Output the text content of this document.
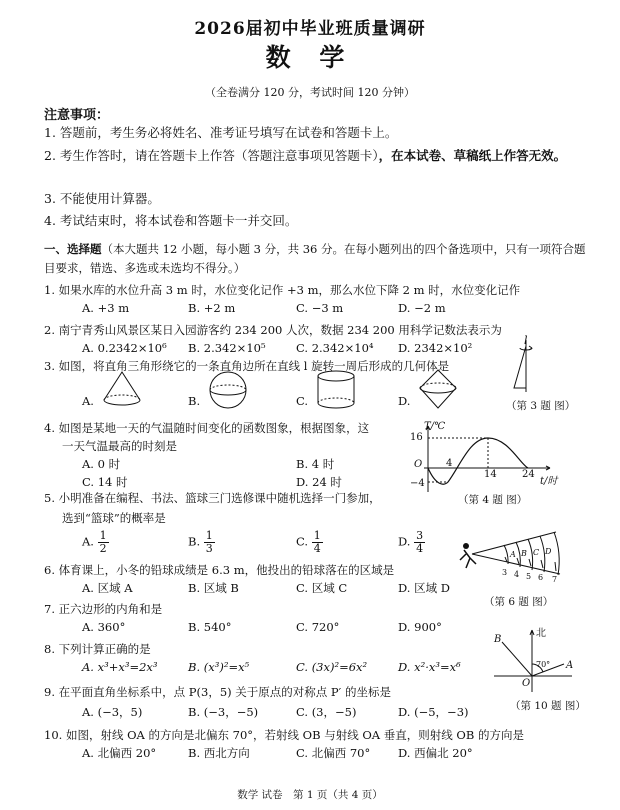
2026届初中毕业班质量调研
数 学
（全卷满分 120 分，考试时间 120 分钟）
注意事项：
1. 答题前，考生务必将姓名、准考证号填写在试卷和答题卡上。
2. 考生作答时，请在答题卡上作答（答题注意事项见答题卡），在本试卷、草稿纸上作答无效。
3. 不能使用计算器。
4. 考试结束时，将本试卷和答题卡一并交回。
一、选择题（本大题共 12 小题，每小题 3 分，共 36 分。在每小题列出的四个备选项中，只有一项符合题目要求，错选、多选或未选均不得分。）
1. 如果水库的水位升高 3 m 时，水位变化记作 +3 m，那么水位下降 2 m 时，水位变化记作
A. +3 m	B. +2 m	C. −3 m	D. −2 m
2. 南宁青秀山风景区某日入园游客约 234 200 人次，数据 234 200 用科学记数法表示为
A. 0.2342×10⁶ B. 2.342×10⁵	C. 2.342×10⁴ D. 2342×10²
3. 如图，将直角三角形绕它的一条直角边所在直线 l 旋转一周后形成的几何体是
A.	B.	C.	D.
l
（第 3 题 图）
4. 如图是某地一天的气温随时间变化的函数图象，根据图象，这
一天气温最高的时刻是
A. 0 时	B. 4 时
C. 14 时	D. 24 时
T/℃
16
−4
O 4
14	24
t/时
（第 4 题 图）
5. 小明准备在编程、书法、篮球三门选修课中随机选择一门参加，
选到“篮球”的概率是
A. $\frac{1}{2}$	B. $\frac{1}{3}$	C. $\frac{1}{4}$	D. $\frac{3}{4}$
6. 体育课上，小冬的铅球成绩是 6.3 m，他投出的铅球落在的区域是
A. 区域 A	B. 区域 B	C. 区域 C	D. 区域 D
A B C D
3 4 5 6 7
（第 6 题 图）
7. 正六边形的内角和是
A. 360°	B. 540°	C. 720°	D. 900°
8. 下列计算正确的是
A. x³+x³=2x³	B. (x³)²=x⁵	C. (3x)²=6x²	D. x²·x³=x⁶
北
70° A
B
O
（第 10 题 图）
9. 在平面直角坐标系中，点 P(3，5) 关于原点的对称点 P′ 的坐标是
A. (−3，5)	B. (−3，−5)	C. (3，−5)	D. (−5，−3)
10. 如图，射线 OA 的方向是北偏东 70°，若射线 OB 与射线 OA 垂直，则射线 OB 的方向是
A. 北偏西 20°	B. 西北方向	C. 北偏西 70° D. 西偏北 20°
数学 试卷　第 1 页（共 4 页）
